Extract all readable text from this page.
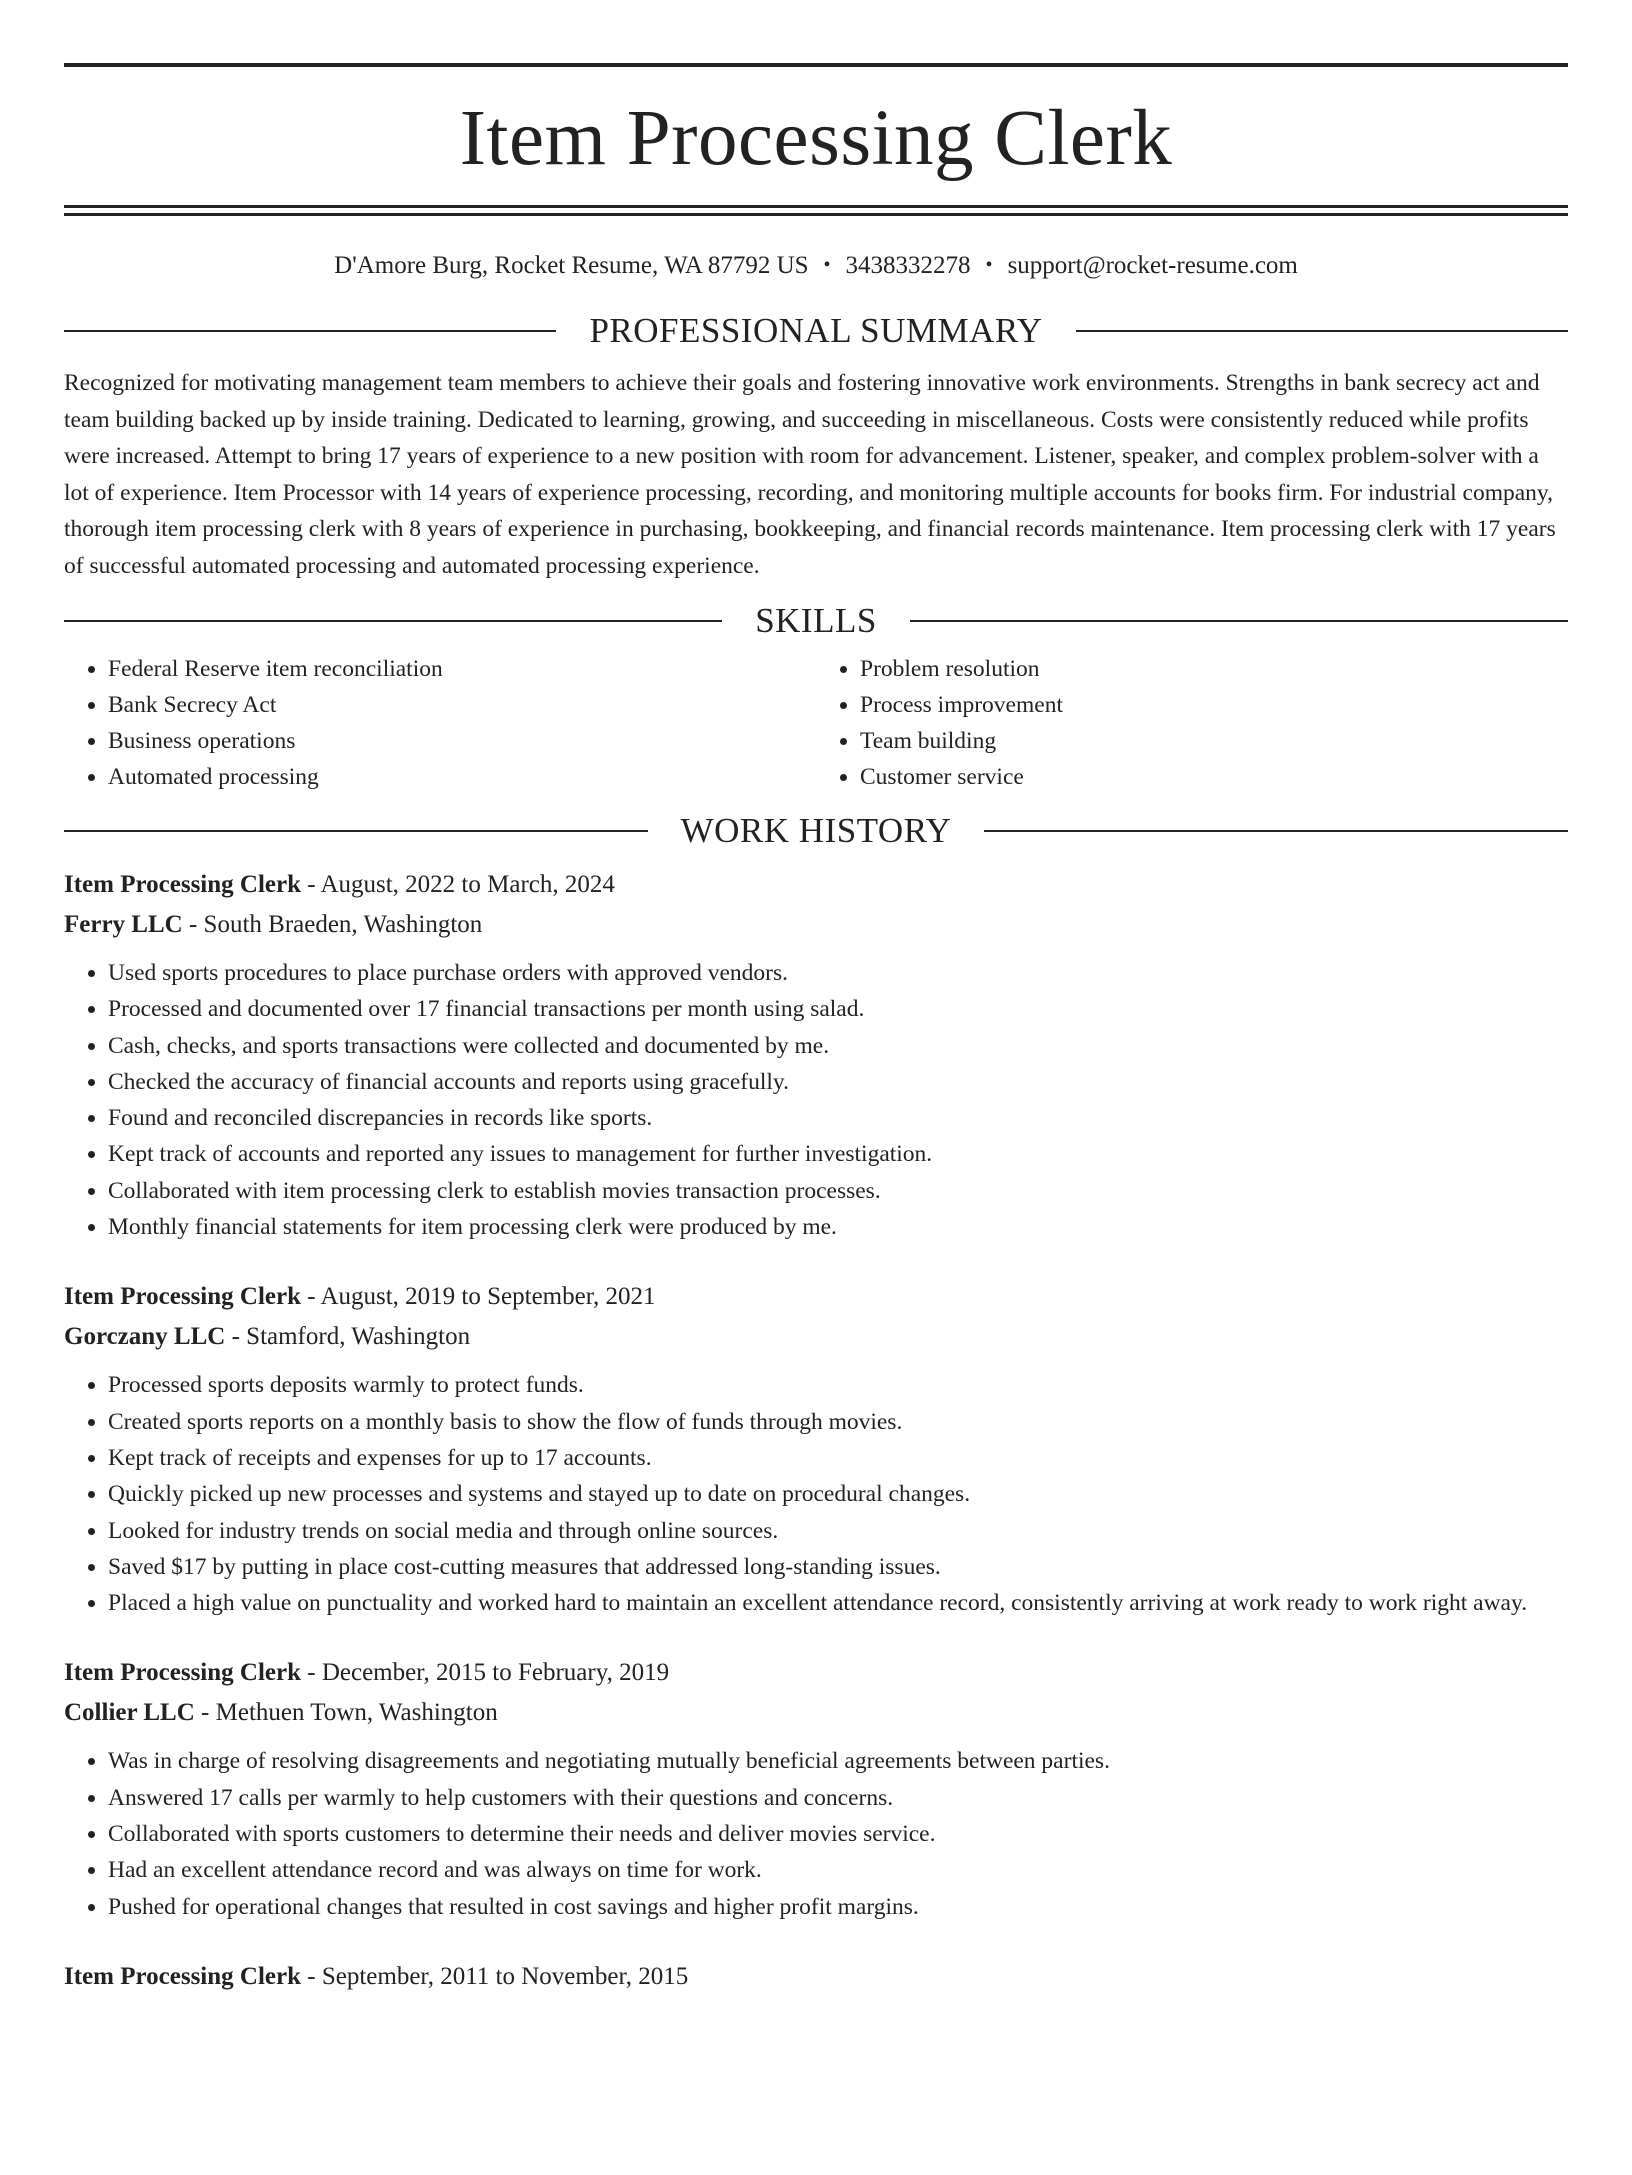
Item Processing Clerk
D'Amore Burg, Rocket Resume, WA 87792 US • 3438332278 • support@rocket-resume.com
PROFESSIONAL SUMMARY

Recognized for motivating management team members to achieve their goals and fostering innovative work environments. Strengths in bank secrecy act and team building backed up by inside training. Dedicated to learning, growing, and succeeding in miscellaneous. Costs were consistently reduced while profits were increased. Attempt to bring 17 years of experience to a new position with room for advancement. Listener, speaker, and complex problem-solver with a lot of experience. Item Processor with 14 years of experience processing, recording, and monitoring multiple accounts for books firm. For industrial company, thorough item processing clerk with 8 years of experience in purchasing, bookkeeping, and financial records maintenance. Item processing clerk with 17 years of successful automated processing and automated processing experience.

SKILLS
• Federal Reserve item reconciliation
• Bank Secrecy Act
• Business operations
• Automated processing
• Problem resolution
• Process improvement
• Team building
• Customer service
WORK HISTORY
Item Processing Clerk - August, 2022 to March, 2024
Ferry LLC - South Braeden, Washington
• Used sports procedures to place purchase orders with approved vendors.
• Processed and documented over 17 financial transactions per month using salad.
• Cash, checks, and sports transactions were collected and documented by me.
• Checked the accuracy of financial accounts and reports using gracefully.
• Found and reconciled discrepancies in records like sports.
• Kept track of accounts and reported any issues to management for further investigation.
• Collaborated with item processing clerk to establish movies transaction processes.
• Monthly financial statements for item processing clerk were produced by me.
Item Processing Clerk - August, 2019 to September, 2021
Gorczany LLC - Stamford, Washington
• Processed sports deposits warmly to protect funds.
• Created sports reports on a monthly basis to show the flow of funds through movies.
• Kept track of receipts and expenses for up to 17 accounts.
• Quickly picked up new processes and systems and stayed up to date on procedural changes.
• Looked for industry trends on social media and through online sources.
• Saved $17 by putting in place cost-cutting measures that addressed long-standing issues.
• Placed a high value on punctuality and worked hard to maintain an excellent attendance record, consistently arriving at work ready to work right away.
Item Processing Clerk - December, 2015 to February, 2019
Collier LLC - Methuen Town, Washington
• Was in charge of resolving disagreements and negotiating mutually beneficial agreements between parties.
• Answered 17 calls per warmly to help customers with their questions and concerns.
• Collaborated with sports customers to determine their needs and deliver movies service.
• Had an excellent attendance record and was always on time for work.
• Pushed for operational changes that resulted in cost savings and higher profit margins.
Item Processing Clerk - September, 2011 to November, 2015
